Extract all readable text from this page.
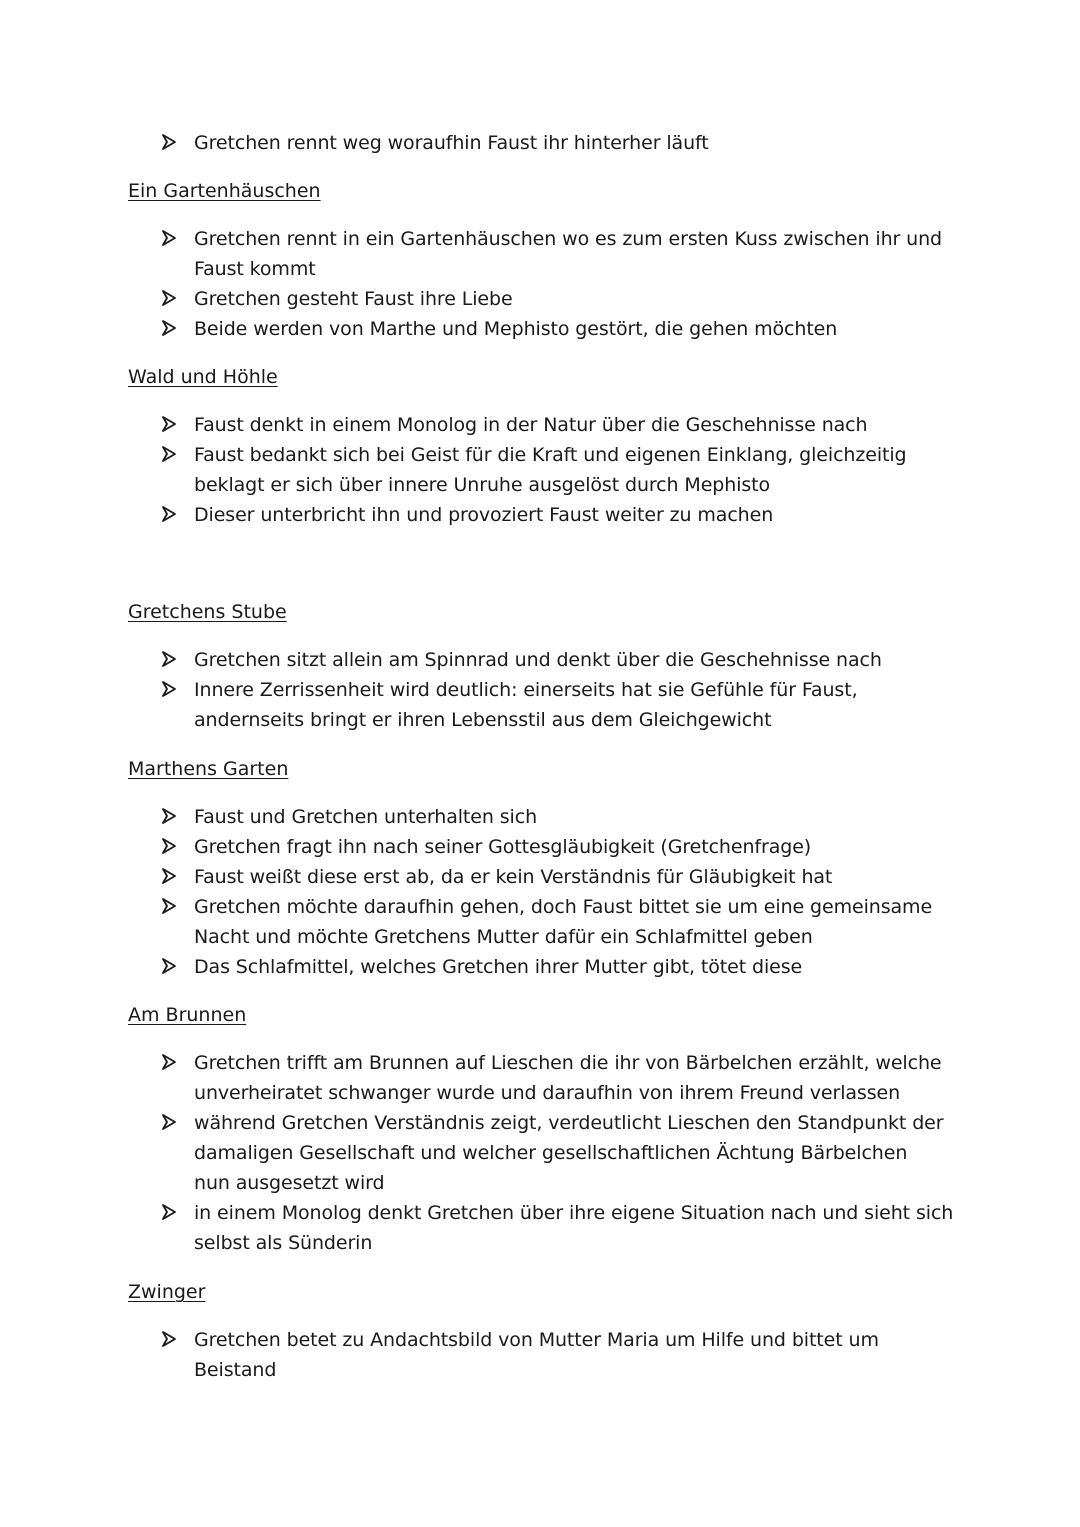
Gretchen rennt weg woraufhin Faust ihr hinterher läuft
Ein Gartenhäuschen
Gretchen rennt in ein Gartenhäuschen wo es zum ersten Kuss zwischen ihr und
Faust kommt
Gretchen gesteht Faust ihre Liebe
Beide werden von Marthe und Mephisto gestört, die gehen möchten
Wald und Höhle
Faust denkt in einem Monolog in der Natur über die Geschehnisse nach
Faust bedankt sich bei Geist für die Kraft und eigenen Einklang, gleichzeitig
beklagt er sich über innere Unruhe ausgelöst durch Mephisto
Dieser unterbricht ihn und provoziert Faust weiter zu machen
Gretchens Stube
Gretchen sitzt allein am Spinnrad und denkt über die Geschehnisse nach
Innere Zerrissenheit wird deutlich: einerseits hat sie Gefühle für Faust,
andernseits bringt er ihren Lebensstil aus dem Gleichgewicht
Marthens Garten
Faust und Gretchen unterhalten sich
Gretchen fragt ihn nach seiner Gottesgläubigkeit (Gretchenfrage)
Faust weißt diese erst ab, da er kein Verständnis für Gläubigkeit hat
Gretchen möchte daraufhin gehen, doch Faust bittet sie um eine gemeinsame
Nacht und möchte Gretchens Mutter dafür ein Schlafmittel geben
Das Schlafmittel, welches Gretchen ihrer Mutter gibt, tötet diese
Am Brunnen
Gretchen trifft am Brunnen auf Lieschen die ihr von Bärbelchen erzählt, welche
unverheiratet schwanger wurde und daraufhin von ihrem Freund verlassen
während Gretchen Verständnis zeigt, verdeutlicht Lieschen den Standpunkt der
damaligen Gesellschaft und welcher gesellschaftlichen Ächtung Bärbelchen
nun ausgesetzt wird
in einem Monolog denkt Gretchen über ihre eigene Situation nach und sieht sich
selbst als Sünderin
Zwinger
Gretchen betet zu Andachtsbild von Mutter Maria um Hilfe und bittet um
Beistand
